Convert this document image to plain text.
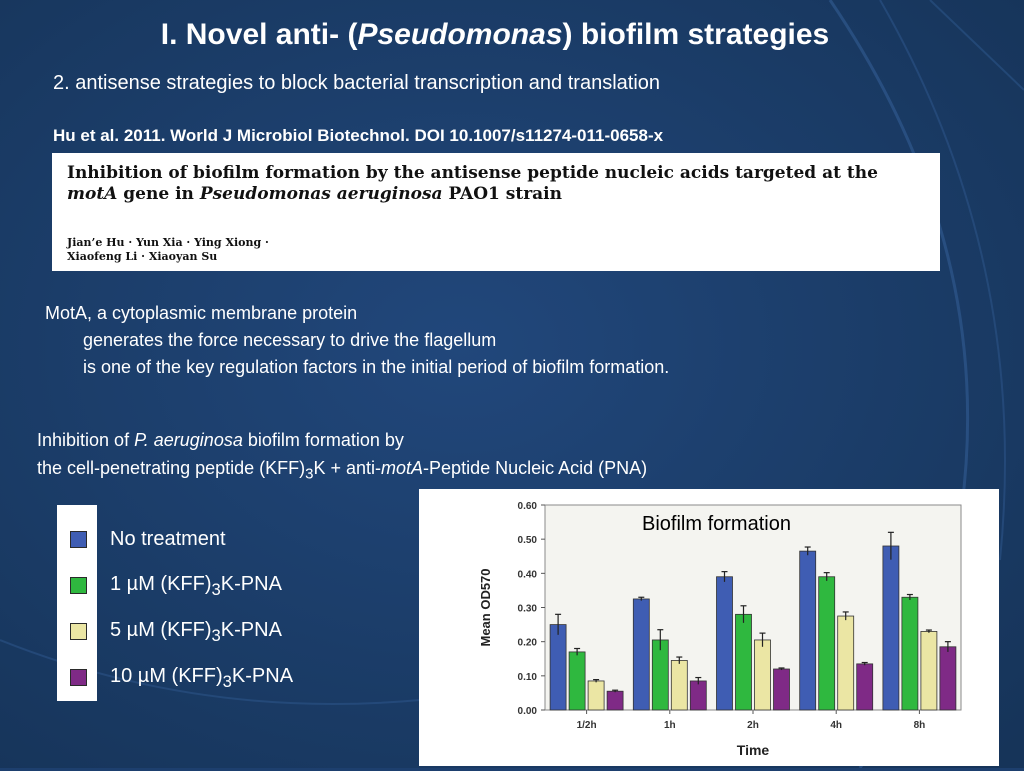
I. Novel anti- (Pseudomonas) biofilm strategies
2. antisense strategies to block bacterial transcription and translation
Hu et al. 2011. World J Microbiol Biotechnol. DOI 10.1007/s11274-011-0658-x
Inhibition of biofilm formation by the antisense peptide nucleic acids targeted at the motA gene in Pseudomonas aeruginosa PAO1 strain
Jian’e Hu · Yun Xia · Ying Xiong ·
Xiaofeng Li · Xiaoyan Su
MotA, a cytoplasmic membrane protein
generates the force necessary to drive the flagellum
is one of the key regulation factors in the initial period of biofilm formation.
Inhibition of P. aeruginosa biofilm formation by
the cell-penetrating peptide $(KFF)_3K$ + anti-motA-Peptide Nucleic Acid (PNA)
No treatment
1 µM $(KFF)_3K$-PNA
5 µM $(KFF)_3K$-PNA
10 µM $(KFF)_3K$-PNA
0.00
0.10
0.20
0.30
0.40
0.50
0.60
1/2h	1h	2h	4h	8h
Time
Mean OD570
Biofilm formation
